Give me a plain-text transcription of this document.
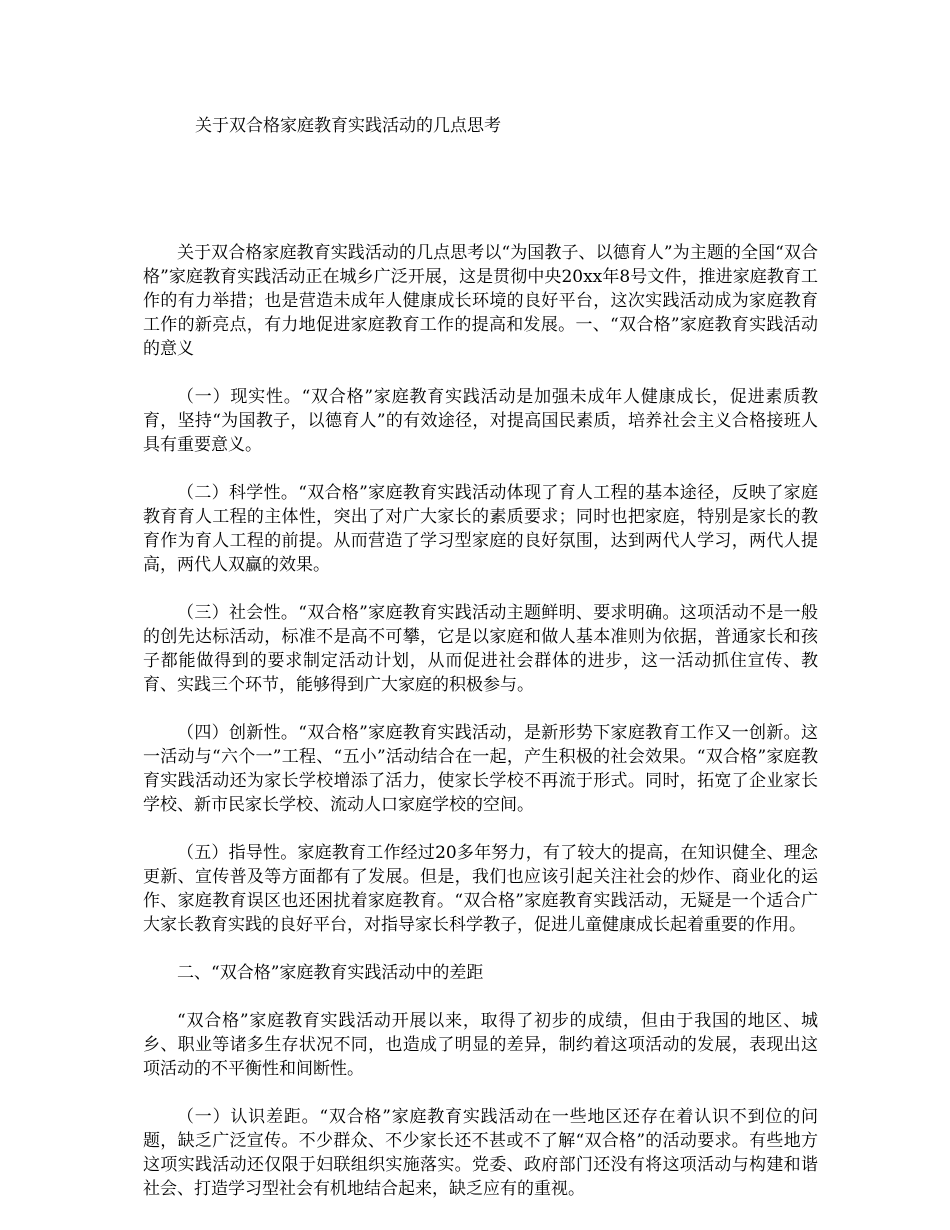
关于双合格家庭教育实践活动的几点思考

关于双合格家庭教育实践活动的几点思考以“为国教子、以德育人”为主题的全国“双合格”家庭教育实践活动正在城乡广泛开展，这是贯彻中央20xx年8号文件，推进家庭教育工作的有力举措；也是营造未成年人健康成长环境的良好平台，这次实践活动成为家庭教育工作的新亮点，有力地促进家庭教育工作的提高和发展。一、“双合格”家庭教育实践活动的意义

（一）现实性。“双合格”家庭教育实践活动是加强未成年人健康成长，促进素质教育，坚持“为国教子，以德育人”的有效途径，对提高国民素质，培养社会主义合格接班人具有重要意义。

（二）科学性。“双合格”家庭教育实践活动体现了育人工程的基本途径，反映了家庭教育育人工程的主体性，突出了对广大家长的素质要求；同时也把家庭，特别是家长的教育作为育人工程的前提。从而营造了学习型家庭的良好氛围，达到两代人学习，两代人提高，两代人双赢的效果。

（三）社会性。“双合格”家庭教育实践活动主题鲜明、要求明确。这项活动不是一般的创先达标活动，标准不是高不可攀，它是以家庭和做人基本准则为依据，普通家长和孩子都能做得到的要求制定活动计划，从而促进社会群体的进步，这一活动抓住宣传、教育、实践三个环节，能够得到广大家庭的积极参与。

（四）创新性。“双合格”家庭教育实践活动，是新形势下家庭教育工作又一创新。这一活动与“六个一”工程、“五小”活动结合在一起，产生积极的社会效果。“双合格”家庭教育实践活动还为家长学校增添了活力，使家长学校不再流于形式。同时，拓宽了企业家长学校、新市民家长学校、流动人口家庭学校的空间。

（五）指导性。家庭教育工作经过20多年努力，有了较大的提高，在知识健全、理念更新、宣传普及等方面都有了发展。但是，我们也应该引起关注社会的炒作、商业化的运作、家庭教育误区也还困扰着家庭教育。“双合格”家庭教育实践活动，无疑是一个适合广大家长教育实践的良好平台，对指导家长科学教子，促进儿童健康成长起着重要的作用。

二、“双合格”家庭教育实践活动中的差距

“双合格”家庭教育实践活动开展以来，取得了初步的成绩，但由于我国的地区、城乡、职业等诸多生存状况不同，也造成了明显的差异，制约着这项活动的发展，表现出这项活动的不平衡性和间断性。

（一）认识差距。“双合格”家庭教育实践活动在一些地区还存在着认识不到位的问题，缺乏广泛宣传。不少群众、不少家长还不甚或不了解“双合格”的活动要求。有些地方这项实践活动还仅限于妇联组织实施落实。党委、政府部门还没有将这项活动与构建和谐社会、打造学习型社会有机地结合起来，缺乏应有的重视。
